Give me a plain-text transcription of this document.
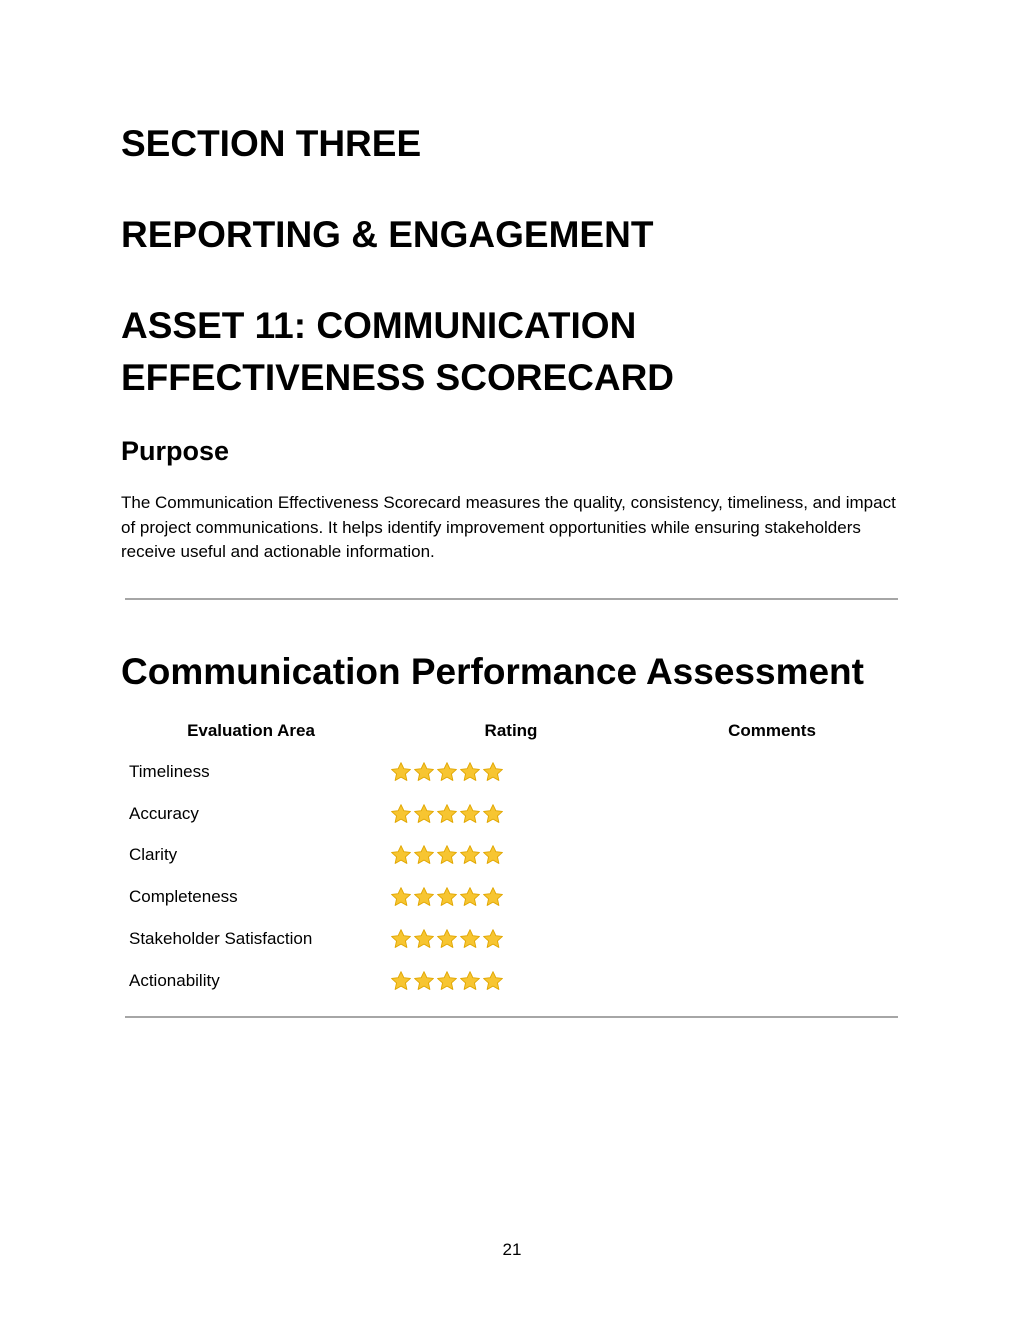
SECTION THREE
REPORTING & ENGAGEMENT
ASSET 11: COMMUNICATION
EFFECTIVENESS SCORECARD
Purpose

The Communication Effectiveness Scorecard measures the quality, consistency, timeliness, and impact of project communications. It helps identify improvement opportunities while ensuring stakeholders receive useful and actionable information.

Communication Performance Assessment
Evaluation Area	Rating	Comments
Timeliness
Accuracy
Clarity
Completeness
Stakeholder Satisfaction
Actionability
21
